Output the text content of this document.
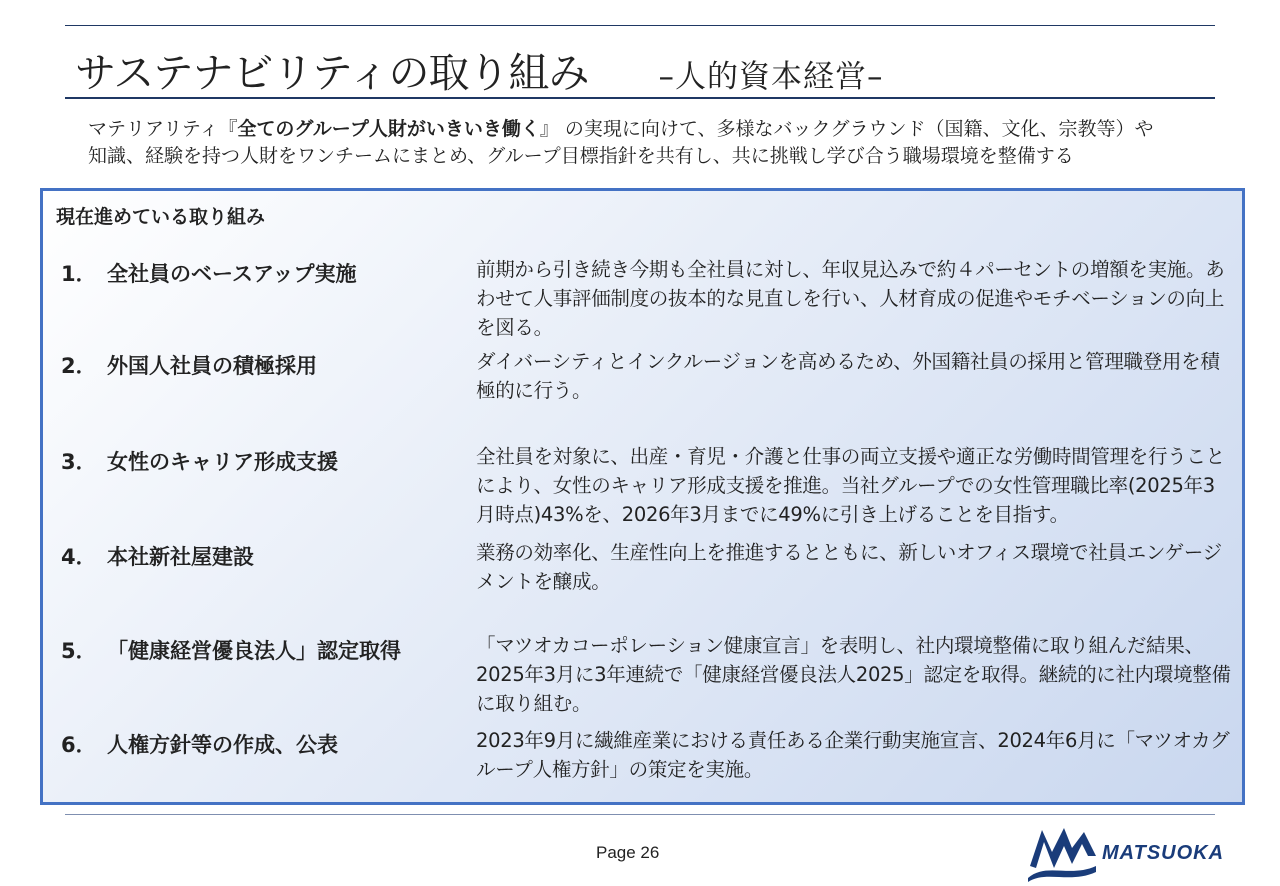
サステナビリティの取り組み –人的資本経営–
マテリアリティ『全てのグループ人財がいきいき働く』 の実現に向けて、多様なバックグラウンド（国籍、文化、宗教等）や
知識、経験を持つ人財をワンチームにまとめ、グループ目標指針を共有し、共に挑戦し学び合う職場環境を整備する
現在進めている取り組み
1． 全社員のベースアップ実施	前期から引き続き今期も全社員に対し、年収見込みで約４パーセントの増額を実施。あわせて人事評価制度の抜本的な見直しを行い、人材育成の促進やモチベーションの向上を図る。
2． 外国人社員の積極採用	ダイバーシティとインクルージョンを高めるため、外国籍社員の採用と管理職登用を積極的に行う。
3． 女性のキャリア形成支援	全社員を対象に、出産・育児・介護と仕事の両立支援や適正な労働時間管理を行うことにより、女性のキャリア形成支援を推進。当社グループでの女性管理職比率(2025年3月時点)43%を、2026年3月までに49%に引き上げることを目指す。
4． 本社新社屋建設	業務の効率化、生産性向上を推進するとともに、新しいオフィス環境で社員エンゲージメントを醸成。
5． 「健康経営優良法人」認定取得	「マツオカコーポレーション健康宣言」を表明し、社内環境整備に取り組んだ結果、2025年3月に3年連続で「健康経営優良法人2025」認定を取得。継続的に社内環境整備に取り組む。
6． 人権方針等の作成、公表	2023年9月に繊維産業における責任ある企業行動実施宣言、2024年6月に「マツオカグループ人権方針」の策定を実施。
Page 26	MATSUOKA
